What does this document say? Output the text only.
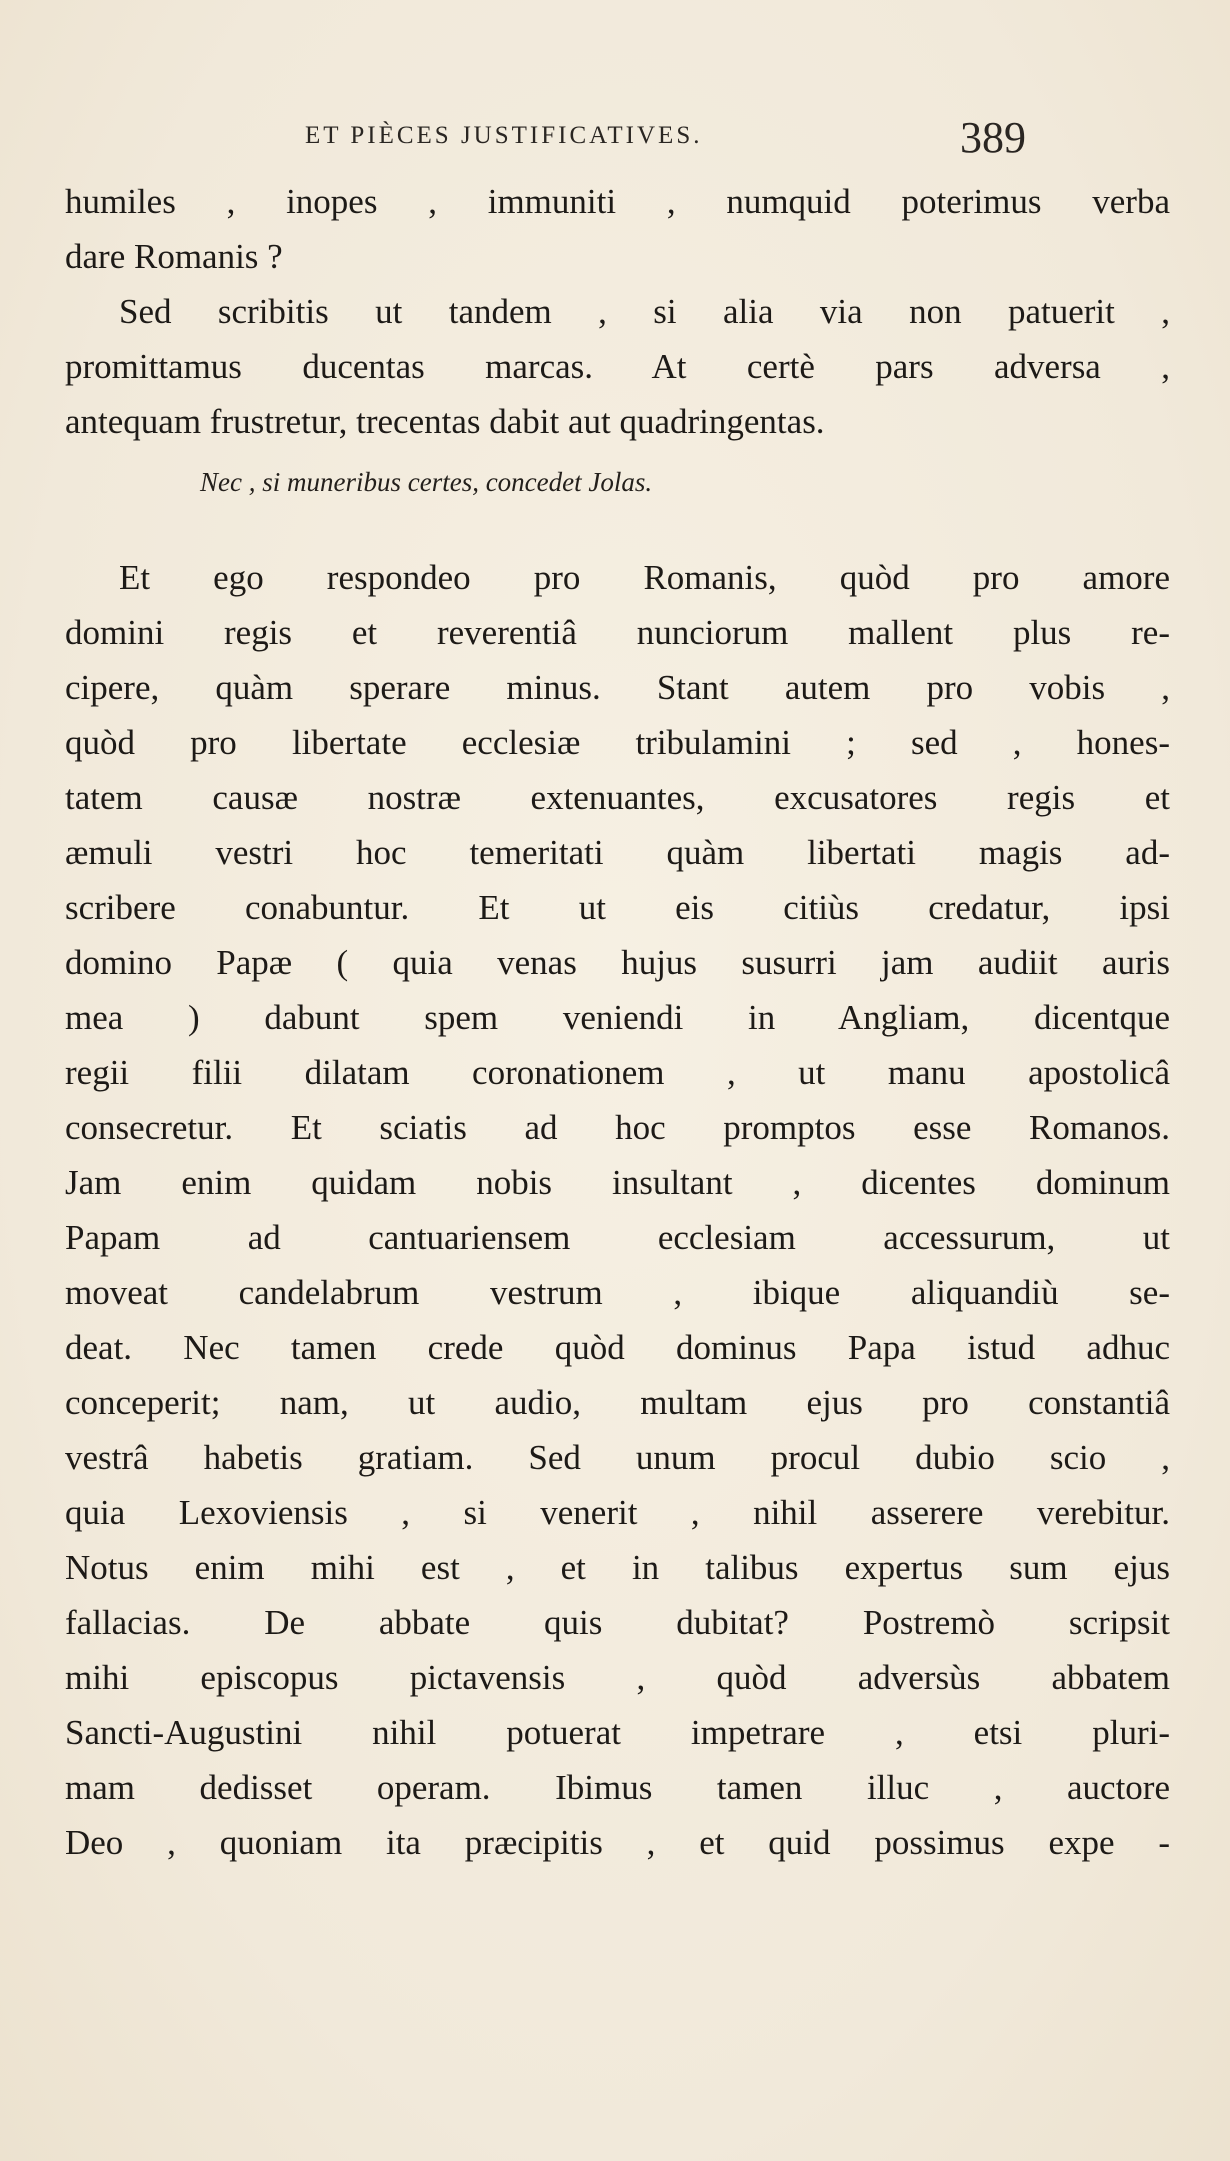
ET PIÈCES JUSTIFICATIVES.	389
humiles , inopes , immuniti , numquid poterimus verba
dare Romanis ?
Sed scribitis ut tandem , si alia via non patuerit ,
promittamus ducentas marcas. At certè pars adversa ,
antequam frustretur, trecentas dabit aut quadringentas.
Nec , si muneribus certes, concedet Jolas.
Et ego respondeo pro Romanis, quòd pro amore
domini regis et reverentiâ nunciorum mallent plus re-
cipere, quàm sperare minus. Stant autem pro vobis ,
quòd pro libertate ecclesiæ tribulamini ; sed , hones-
tatem causæ nostræ extenuantes, excusatores regis et
æmuli vestri hoc temeritati quàm libertati magis ad-
scribere conabuntur. Et ut eis citiùs credatur, ipsi
domino Papæ ( quia venas hujus susurri jam audiit auris
mea ) dabunt spem veniendi in Angliam, dicentque
regii filii dilatam coronationem , ut manu apostolicâ
consecretur. Et sciatis ad hoc promptos esse Romanos.
Jam enim quidam nobis insultant , dicentes dominum
Papam ad cantuariensem ecclesiam accessurum, ut
moveat candelabrum vestrum , ibique aliquandiù se-
deat. Nec tamen crede quòd dominus Papa istud adhuc
conceperit; nam, ut audio, multam ejus pro constantiâ
vestrâ habetis gratiam. Sed unum procul dubio scio ,
quia Lexoviensis , si venerit , nihil asserere verebitur.
Notus enim mihi est , et in talibus expertus sum ejus
fallacias. De abbate quis dubitat? Postremò scripsit
mihi episcopus pictavensis , quòd adversùs abbatem
Sancti-Augustini nihil potuerat impetrare , etsi pluri-
mam dedisset operam. Ibimus tamen illuc , auctore
Deo , quoniam ita præcipitis , et quid possimus expe -
